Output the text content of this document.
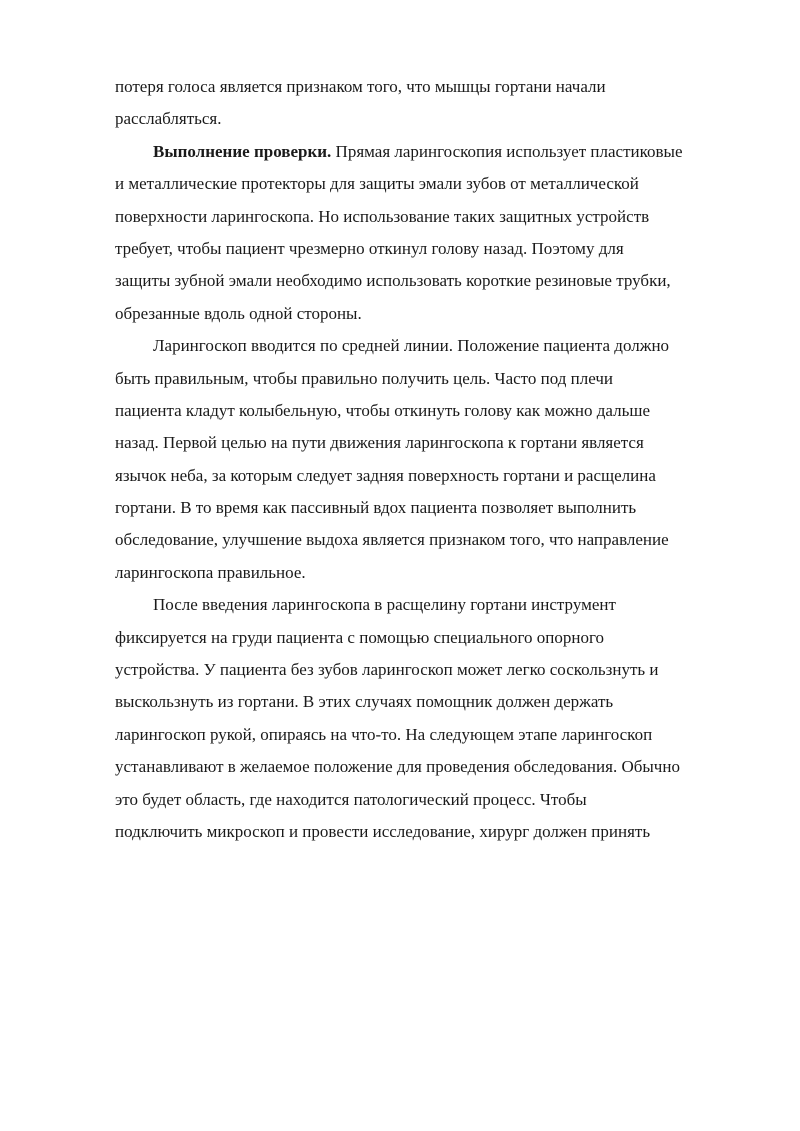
потеря голоса является признаком того, что мышцы гортани начали
расслабляться.
Выполнение проверки. Прямая ларингоскопия использует пластиковые
и металлические протекторы для защиты эмали зубов от металлической
поверхности ларингоскопа. Но использование таких защитных устройств
требует, чтобы пациент чрезмерно откинул голову назад. Поэтому для
защиты зубной эмали необходимо использовать короткие резиновые трубки,
обрезанные вдоль одной стороны.
Ларингоскоп вводится по средней линии. Положение пациента должно
быть правильным, чтобы правильно получить цель. Часто под плечи
пациента кладут колыбельную, чтобы откинуть голову как можно дальше
назад. Первой целью на пути движения ларингоскопа к гортани является
язычок неба, за которым следует задняя поверхность гортани и расщелина
гортани. В то время как пассивный вдох пациента позволяет выполнить
обследование, улучшение выдоха является признаком того, что направление
ларингоскопа правильное.
После введения ларингоскопа в расщелину гортани инструмент
фиксируется на груди пациента с помощью специального опорного
устройства. У пациента без зубов ларингоскоп может легко соскользнуть и
выскользнуть из гортани. В этих случаях помощник должен держать
ларингоскоп рукой, опираясь на что-то. На следующем этапе ларингоскоп
устанавливают в желаемое положение для проведения обследования. Обычно
это будет область, где находится патологический процесс. Чтобы
подключить микроскоп и провести исследование, хирург должен принять
